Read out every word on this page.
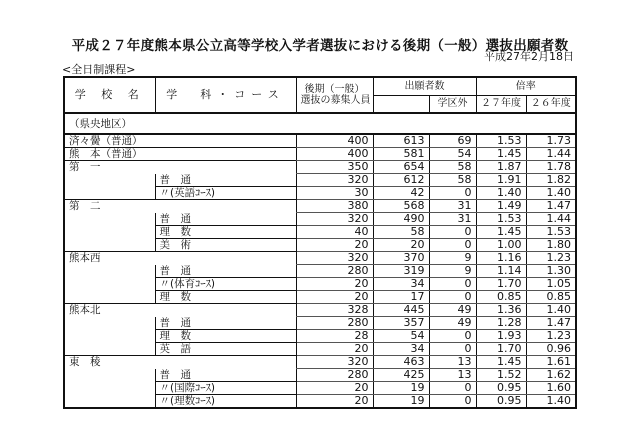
平成２７年度熊本県公立高等学校入学者選抜における後期（一般）選抜出願者数
平成27年2月18日
<全日制課程>
学 校 名	学　科・コース	後期（一般）
選抜の募集人員	出願者数		倍率	
				学区外	２７年度	２６年度
（県央地区）						
済々黌（普通）		400	613	69	1.53	1.73
熊　本（普通）		400	581	54	1.45	1.44
第　一		350	654	58	1.87	1.78
	普　通	320	612	58	1.91	1.82
	〃(英語ｺｰｽ)	30	42	0	1.40	1.40
第　二		380	568	31	1.49	1.47
	普　通	320	490	31	1.53	1.44
	理　数	40	58	0	1.45	1.53
	美　術	20	20	0	1.00	1.80
熊本西		320	370	9	1.16	1.23
	普　通	280	319	9	1.14	1.30
	〃(体育ｺｰｽ)	20	34	0	1.70	1.05
	理　数	20	17	0	0.85	0.85
熊本北		328	445	49	1.36	1.40
	普　通	280	357	49	1.28	1.47
	理　数	28	54	0	1.93	1.23
	英　語	20	34	0	1.70	0.96
東　稜		320	463	13	1.45	1.61
	普　通	280	425	13	1.52	1.62
	〃(国際ｺｰｽ)	20	19	0	0.95	1.60
	〃(理数ｺｰｽ)	20	19	0	0.95	1.40
